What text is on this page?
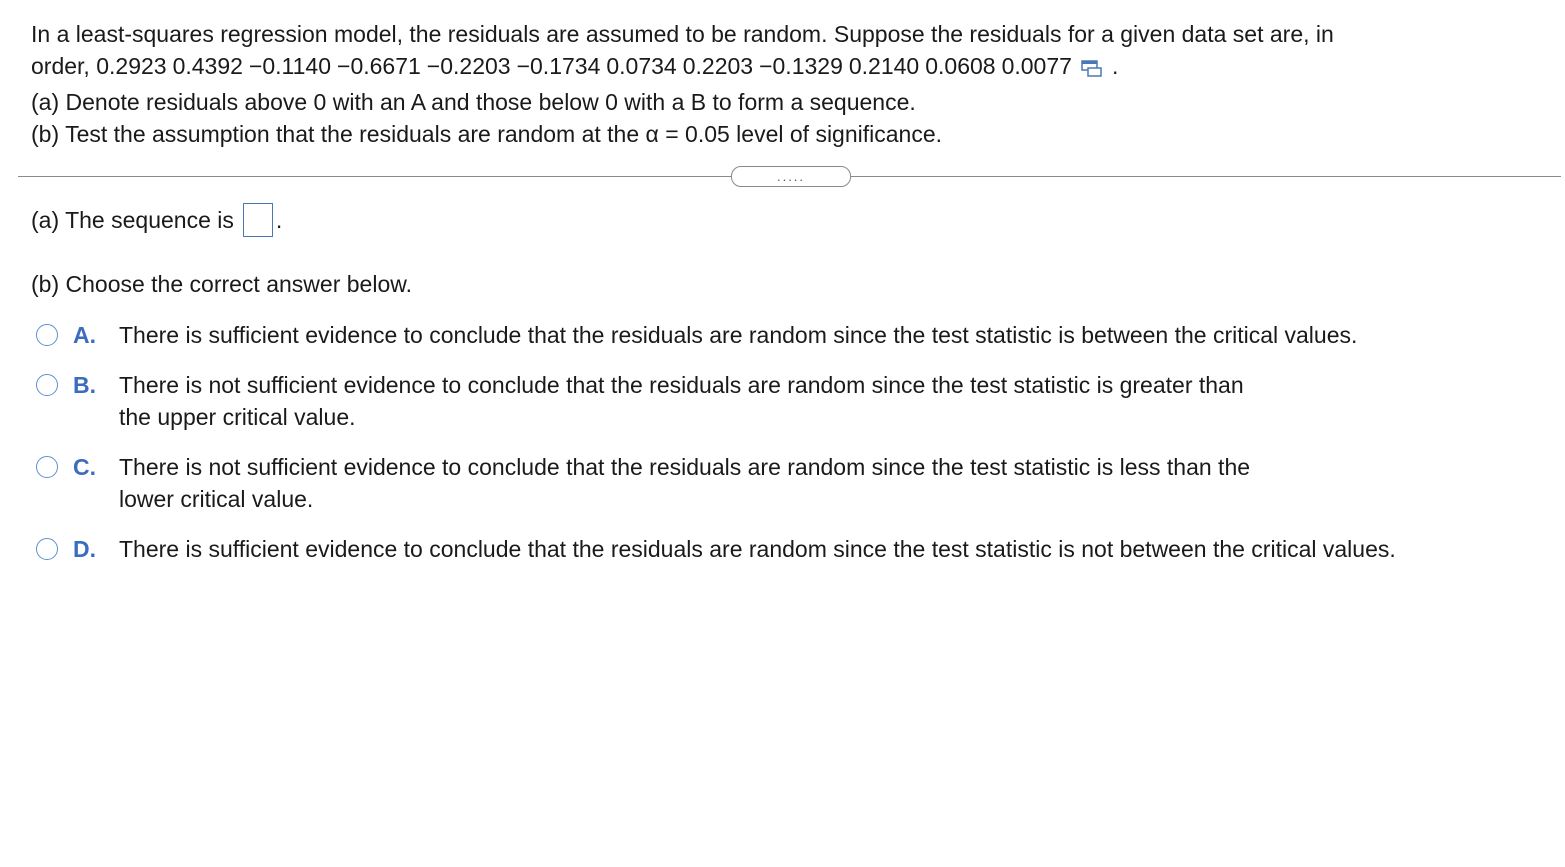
In a least-squares regression model, the residuals are assumed to be random. Suppose the residuals for a given data set are, in
order, 0.2923 0.4392 −0.1140 −0.6671 −0.2203 −0.1734 0.0734 0.2203 −0.1329 0.2140 0.0608 0.0077 .
(a) Denote residuals above 0 with an A and those below 0 with a B to form a sequence.
(b) Test the assumption that the residuals are random at the α = 0.05 level of significance.
.....
(a) The sequence is .
(b) Choose the correct answer below.
A.	There is sufficient evidence to conclude that the residuals are random since the test statistic is between the critical values.
B.	There is not sufficient evidence to conclude that the residuals are random since the test statistic is greater than the upper critical value.
C.	There is not sufficient evidence to conclude that the residuals are random since the test statistic is less than the lower critical value.
D.	There is sufficient evidence to conclude that the residuals are random since the test statistic is not between the critical values.
